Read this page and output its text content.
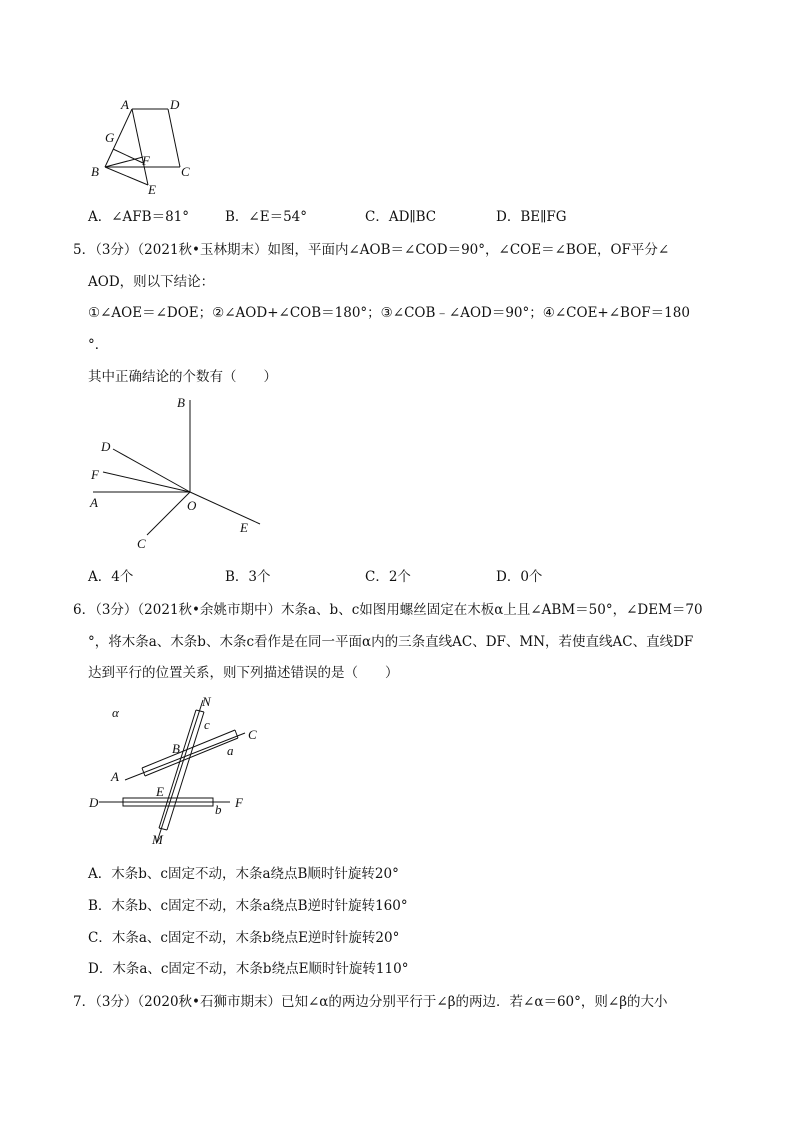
A	D
G
F
B	C
E
A．∠AFB＝81°	B．∠E＝54°	C．AD∥BC	D．BE∥FG
5．（3分）（2021秋•玉林期末）如图，平面内∠AOB＝∠COD＝90°，∠COE＝∠BOE，OF平分∠
AOD，则以下结论：
①∠AOE＝∠DOE；②∠AOD+∠COB＝180°；③∠COB﹣∠AOD＝90°；④∠COE+∠BOF＝180
°．
其中正确结论的个数有（　　）
B
D
F
A	O
E
C
A．4个	B．3个	C．2个	D．0个
6．（3分）（2021秋•余姚市期中）木条a、b、c如图用螺丝固定在木板α上且∠ABM＝50°，∠DEM＝70
°，将木条a、木条b、木条c看作是在同一平面α内的三条直线AC、DF、MN，若使直线AC、直线DF
达到平行的位置关系，则下列描述错误的是（　　）
α
N
c
B	a
C
A
D
E
F
b
M
A．木条b、c固定不动，木条a绕点B顺时针旋转20°
B．木条b、c固定不动，木条a绕点B逆时针旋转160°
C．木条a、c固定不动，木条b绕点E逆时针旋转20°
D．木条a、c固定不动，木条b绕点E顺时针旋转110°
7．（3分）（2020秋•石狮市期末）已知∠α的两边分别平行于∠β的两边．若∠α＝60°，则∠β的大小
